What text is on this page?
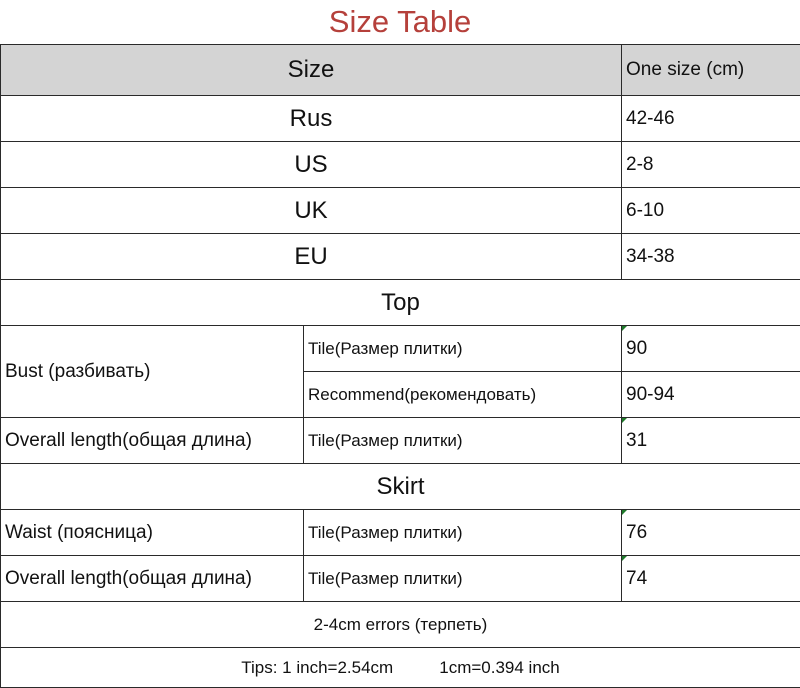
Size Table
Size		One size (cm)
Rus		42-46
US		2-8
UK		6-10
EU		34-38
Top		
Bust (разбивать)	Tile(Размер плитки)	90
	Recommend(рекомендовать)	90-94
Overall length(общая длина)	Tile(Размер плитки)	31
Skirt		
Waist (поясница)	Tile(Размер плитки)	76
Overall length(общая длина)	Tile(Размер плитки)	74
2-4cm errors (терпеть)		

Tips: 1 inch=2.54cm 1cm=0.394 inch		
